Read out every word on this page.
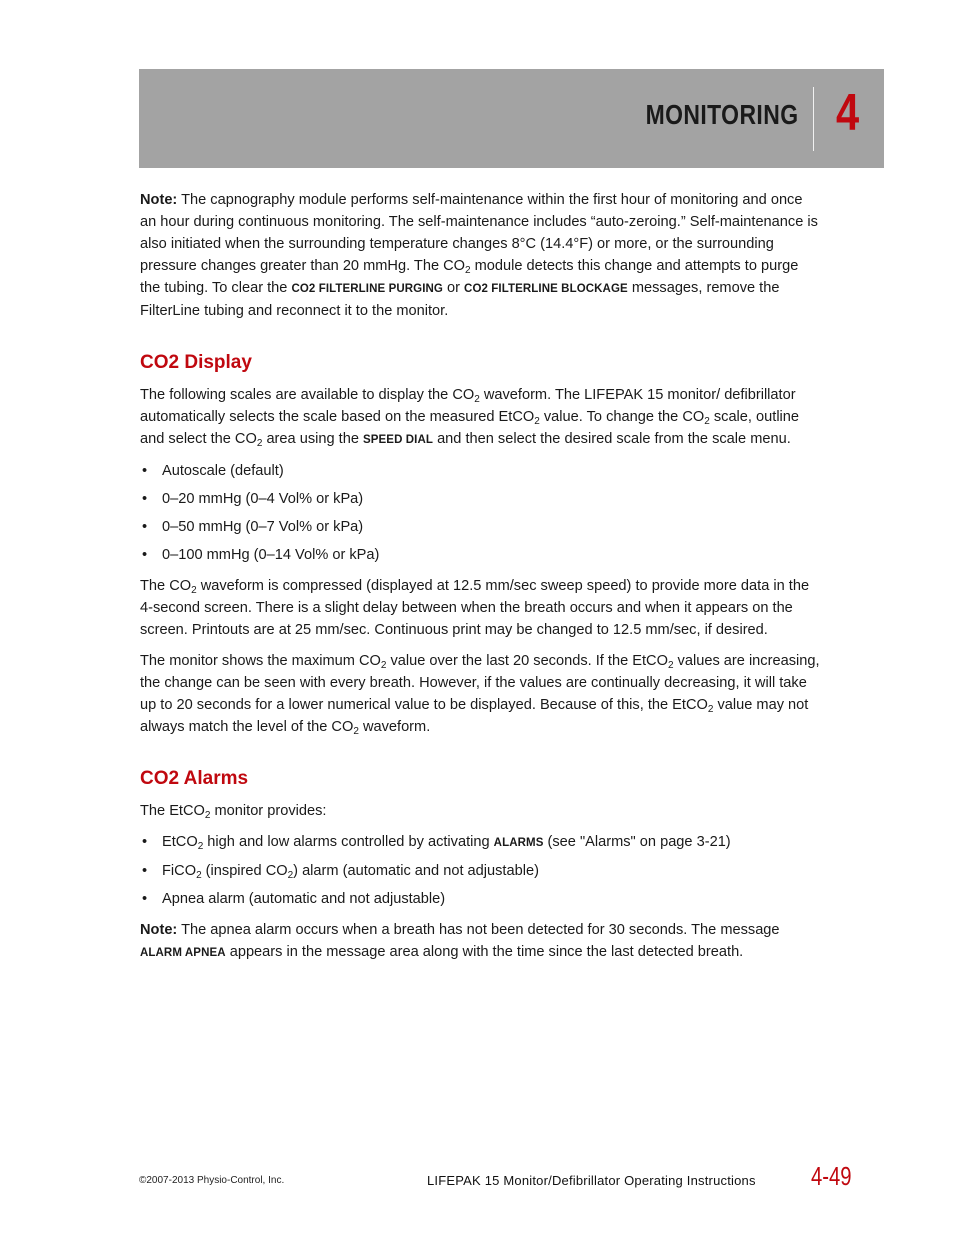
MONITORING 4

Note: The capnography module performs self-maintenance within the first hour of monitoring and once an hour during continuous monitoring. The self-maintenance includes “auto-zeroing.” Self-maintenance is also initiated when the surrounding temperature changes 8°C (14.4°F) or more, or the surrounding pressure changes greater than 20 mmHg. The $CO_2$ module detects this change and attempts to purge the tubing. To clear the CO2 FILTERLINE PURGING or CO2 FILTERLINE BLOCKAGE messages, remove the FilterLine tubing and reconnect it to the monitor.

CO2 Display

The following scales are available to display the $CO_2$ waveform. The LIFEPAK 15 monitor/ defibrillator automatically selects the scale based on the measured EtCO$_2$ value. To change the $CO_2$ scale, outline and select the $CO_2$ area using the SPEED DIAL and then select the desired scale from the scale menu.

• Autoscale (default)
• 0–20 mmHg (0–4 Vol% or kPa)
• 0–50 mmHg (0–7 Vol% or kPa)
• 0–100 mmHg (0–14 Vol% or kPa)

The $CO_2$ waveform is compressed (displayed at 12.5 mm/sec sweep speed) to provide more data in the 4-second screen. There is a slight delay between when the breath occurs and when it appears on the screen. Printouts are at 25 mm/sec. Continuous print may be changed to 12.5 mm/sec, if desired.

The monitor shows the maximum $CO_2$ value over the last 20 seconds. If the EtCO$_2$ values are increasing, the change can be seen with every breath. However, if the values are continually decreasing, it will take up to 20 seconds for a lower numerical value to be displayed. Because of this, the EtCO$_2$ value may not always match the level of the $CO_2$ waveform.

CO2 Alarms

The EtCO$_2$ monitor provides:

• EtCO$_2$ high and low alarms controlled by activating ALARMS (see "Alarms" on page 3-21)
• FiCO$_2$ (inspired $CO_2$) alarm (automatic and not adjustable)
• Apnea alarm (automatic and not adjustable)

Note: The apnea alarm occurs when a breath has not been detected for 30 seconds. The message ALARM APNEA appears in the message area along with the time since the last detected breath.

©2007-2013 Physio-Control, Inc.	LIFEPAK 15 Monitor/Defibrillator Operating Instructions 4-49
